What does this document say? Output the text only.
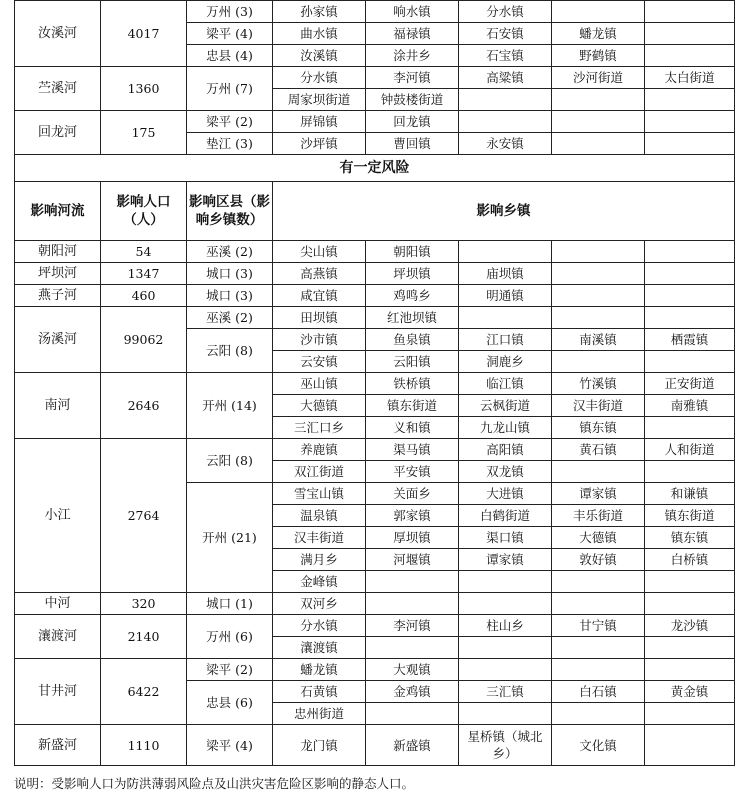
汝溪河	4017	万州 (3)	孙家镇	响水镇	分水镇		
		梁平 (4)	曲水镇	福禄镇	石安镇	蟠龙镇	
		忠县 (4)	汝溪镇	涂井乡	石宝镇	野鹤镇	
苎溪河	1360	万州 (7)	分水镇	李河镇	高粱镇	沙河街道	太白街道
			周家坝街道	钟鼓楼街道			
回龙河	175	梁平 (2)	屏锦镇	回龙镇			
		垫江 (3)	沙坪镇	曹回镇	永安镇		
有一定风险							
影响河流	影响人口（人）	影响区县（影响乡镇数）	影响乡镇				
朝阳河	54	巫溪 (2)	尖山镇	朝阳镇			
坪坝河	1347	城口 (3)	高燕镇	坪坝镇	庙坝镇		
燕子河	460	城口 (3)	咸宜镇	鸡鸣乡	明通镇		
汤溪河	99062	巫溪 (2)	田坝镇	红池坝镇			
		云阳 (8)	沙市镇	鱼泉镇	江口镇	南溪镇	栖霞镇
			云安镇	云阳镇	洞鹿乡		
南河	2646	开州 (14)	巫山镇	铁桥镇	临江镇	竹溪镇	正安街道
			大德镇	镇东街道	云枫街道	汉丰街道	南雅镇
			三汇口乡	义和镇	九龙山镇	镇东镇	
小江	2764	云阳 (8)	养鹿镇	渠马镇	高阳镇	黄石镇	人和街道
			双江街道	平安镇	双龙镇		
		开州 (21)	雪宝山镇	关面乡	大进镇	谭家镇	和谦镇
			温泉镇	郭家镇	白鹤街道	丰乐街道	镇东街道
			汉丰街道	厚坝镇	渠口镇	大德镇	镇东镇
			满月乡	河堰镇	谭家镇	敦好镇	白桥镇
			金峰镇				
中河	320	城口 (1)	双河乡				
瀼渡河	2140	万州 (6)	分水镇	李河镇	柱山乡	甘宁镇	龙沙镇
			瀼渡镇				
甘井河	6422	梁平 (2)	蟠龙镇	大观镇			
		忠县 (6)	石黄镇	金鸡镇	三汇镇	白石镇	黄金镇
			忠州街道				
新盛河	1110	梁平 (4)	龙门镇	新盛镇	星桥镇（城北乡）	文化镇	
说明：受影响人口为防洪薄弱风险点及山洪灾害危险区影响的静态人口。
